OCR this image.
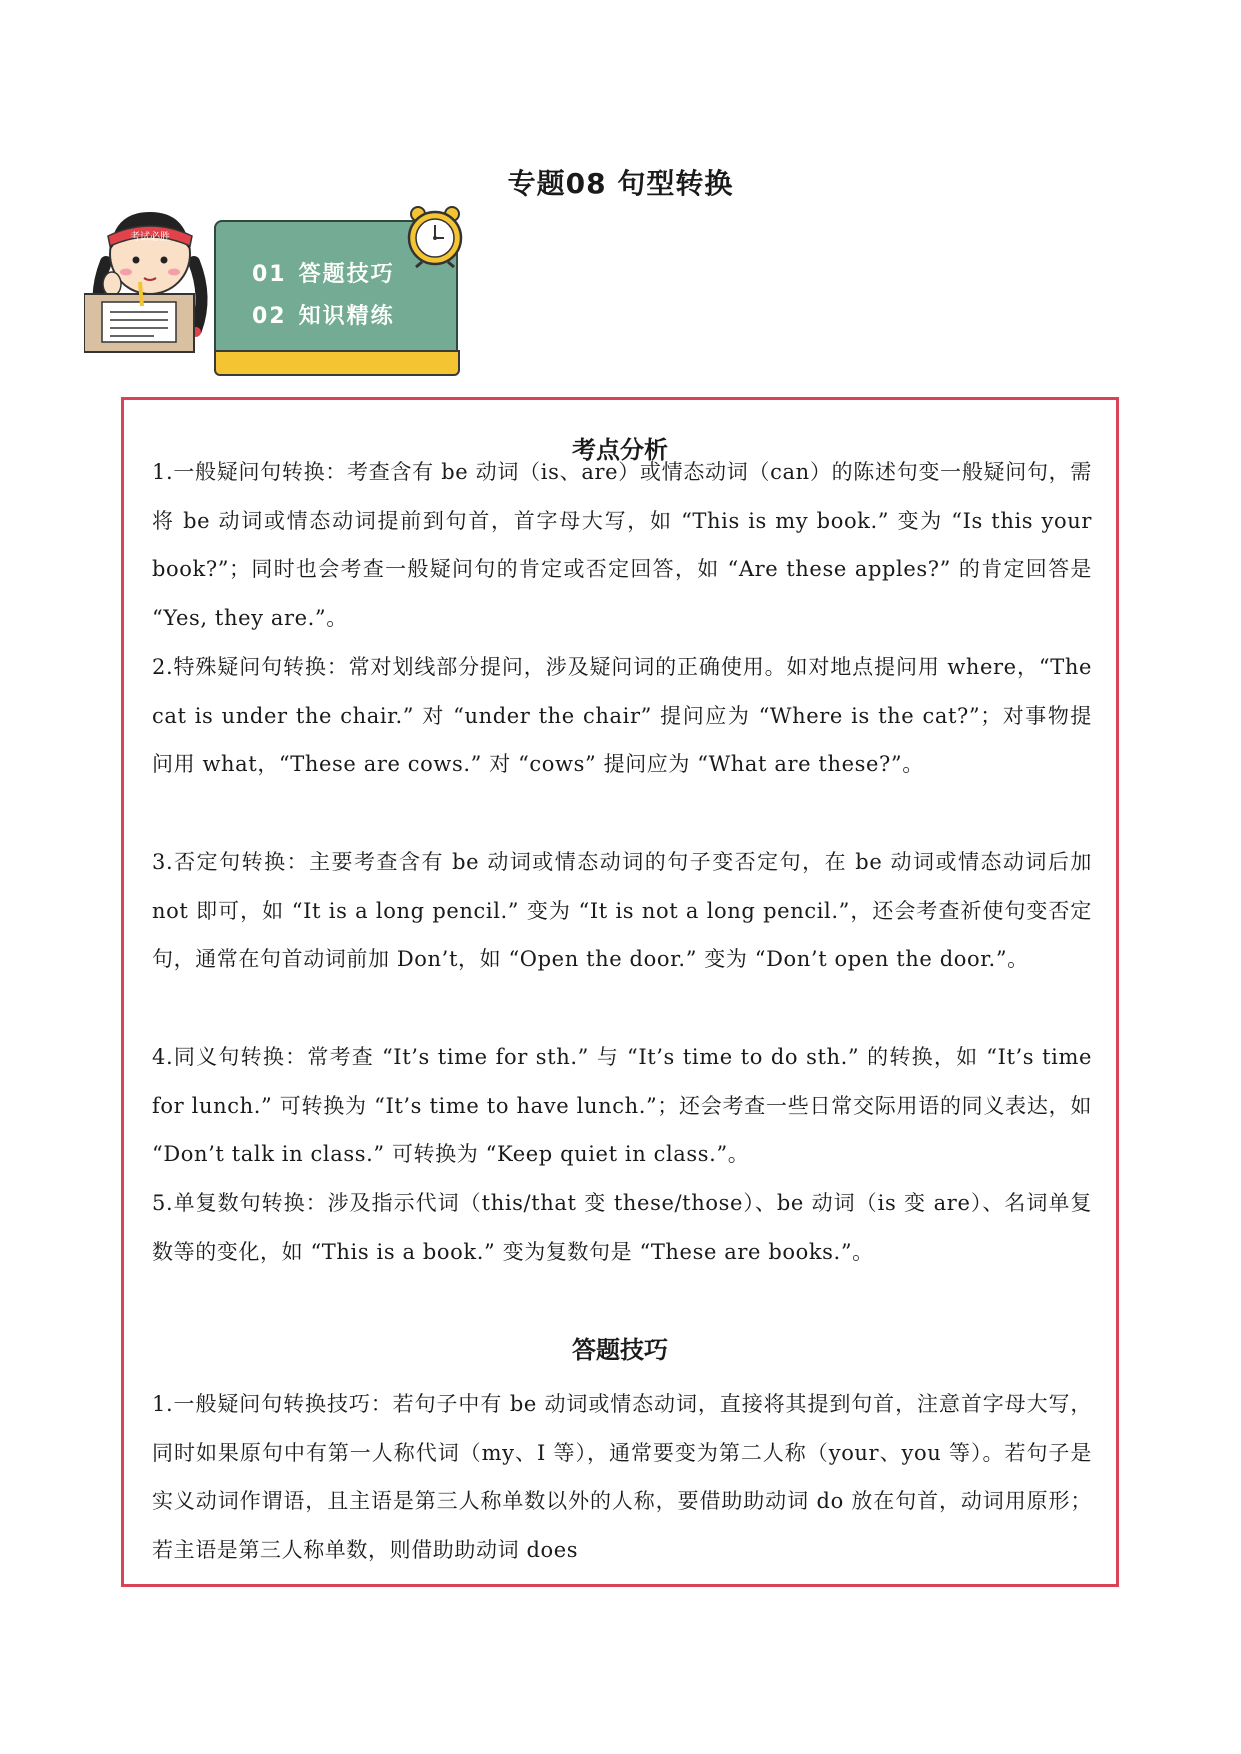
专题08 句型转换
01 答题技巧
02 知识精练
考试必胜
考点分析
1.一般疑问句转换：考查含有 be 动词（is、are）或情态动词（can）的陈述句变一般疑问句，需将 be 动词或情态动词提前到句首，首字母大写，如 “This is my book.” 变为 “Is this your book?”；同时也会考查一般疑问句的肯定或否定回答，如 “Are these apples?” 的肯定回答是 “Yes, they are.”。
2.特殊疑问句转换：常对划线部分提问，涉及疑问词的正确使用。如对地点提问用 where，“The cat is under the chair.” 对 “under the chair” 提问应为 “Where is the cat?”；对事物提问用 what，“These are cows.” 对 “cows” 提问应为 “What are these?”。
3.否定句转换：主要考查含有 be 动词或情态动词的句子变否定句，在 be 动词或情态动词后加 not 即可，如 “It is a long pencil.” 变为 “It is not a long pencil.”，还会考查祈使句变否定句，通常在句首动词前加 Don’t，如 “Open the door.” 变为 “Don’t open the door.”。
4.同义句转换：常考查 “It’s time for sth.” 与 “It’s time to do sth.” 的转换，如 “It’s time for lunch.” 可转换为 “It’s time to have lunch.”；还会考查一些日常交际用语的同义表达，如 “Don’t talk in class.” 可转换为 “Keep quiet in class.”。
5.单复数句转换：涉及指示代词（this/that 变 these/those）、be 动词（is 变 are）、名词单复数等的变化，如 “This is a book.” 变为复数句是 “These are books.”。
答题技巧
1.一般疑问句转换技巧：若句子中有 be 动词或情态动词，直接将其提到句首，注意首字母大写，同时如果原句中有第一人称代词（my、I 等），通常要变为第二人称（your、you 等）。若句子是实义动词作谓语，且主语是第三人称单数以外的人称，要借助助动词 do 放在句首，动词用原形；若主语是第三人称单数，则借助助动词 does
